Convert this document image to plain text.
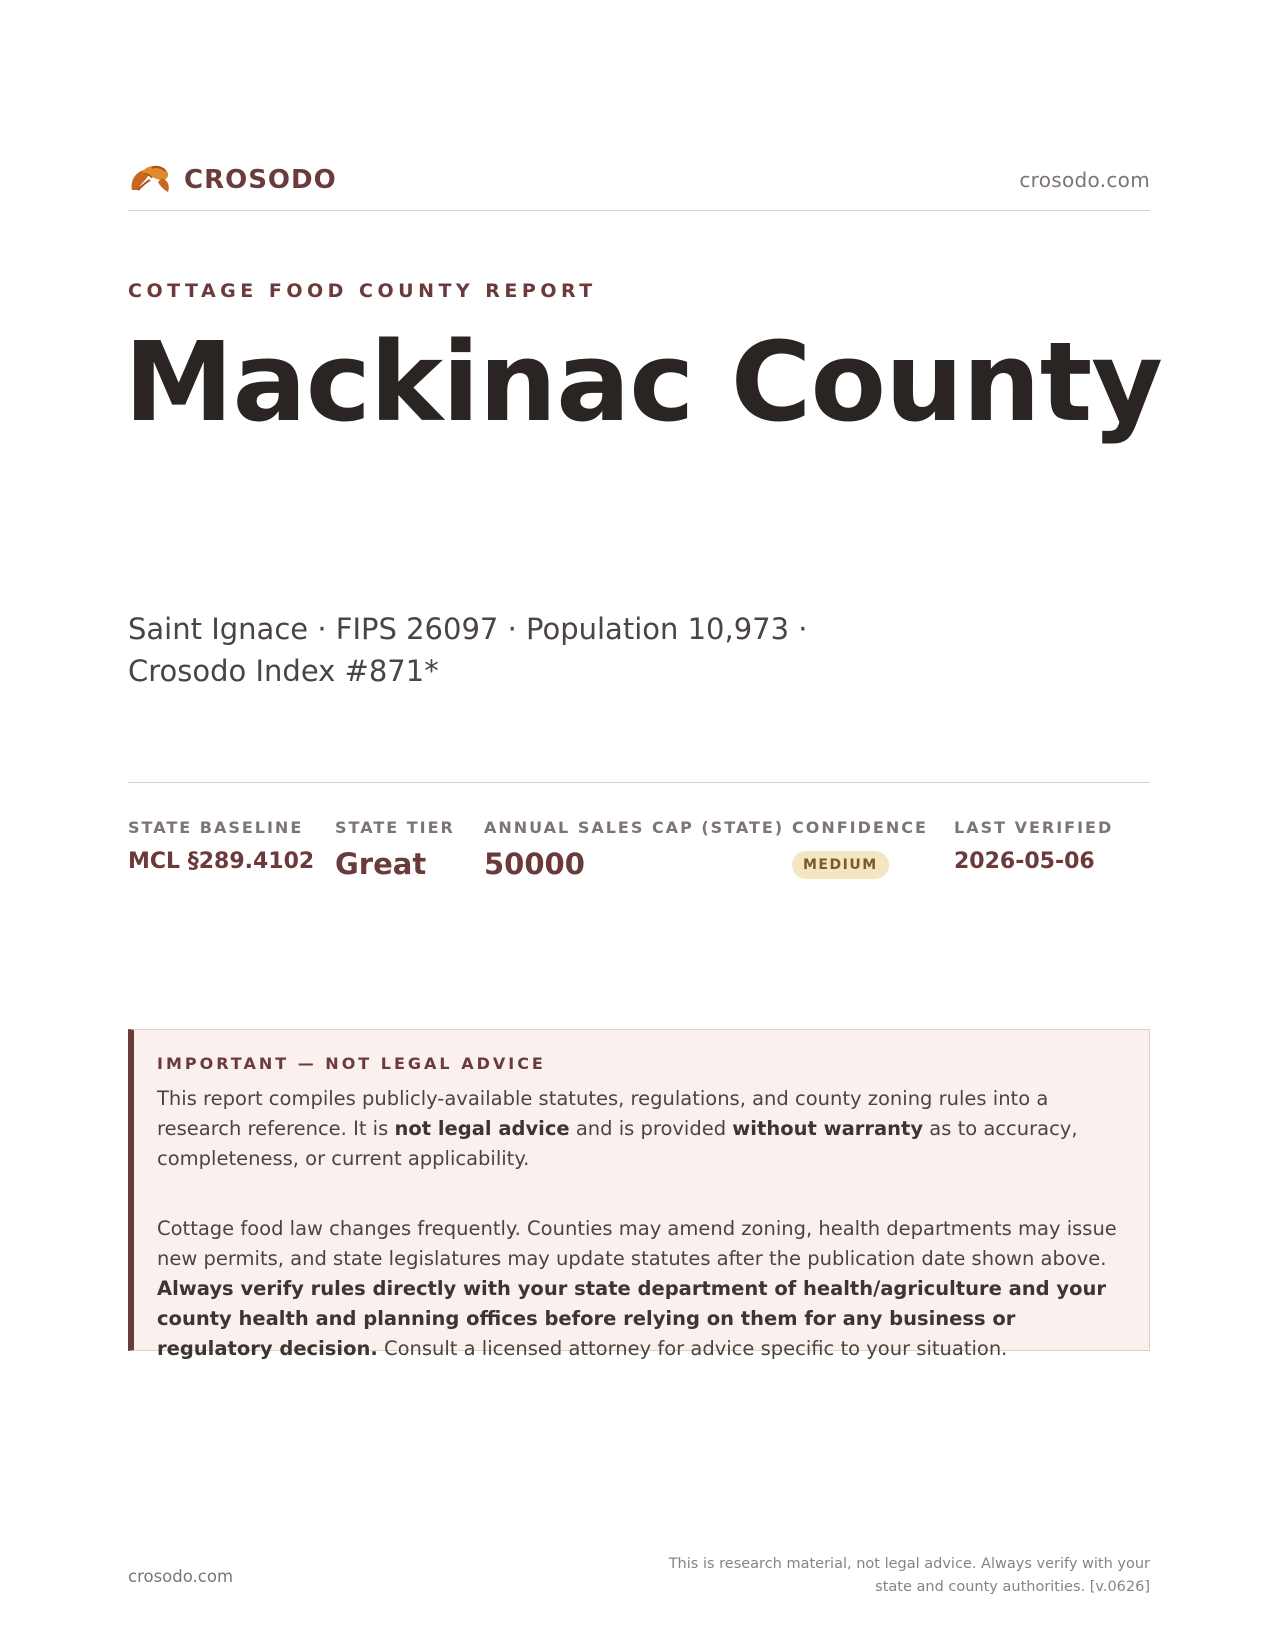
CROSODO	crosodo.com
COTTAGE FOOD COUNTY REPORT
Mackinac County
Saint Ignace · FIPS 26097 · Population 10,973 · Crosodo Index #871*
STATE BASELINE
MCL §289.4102
STATE TIER
Great
ANNUAL SALES CAP (STATE)
50000
CONFIDENCE
MEDIUM
LAST VERIFIED
2026-05-06
IMPORTANT — NOT LEGAL ADVICE

This report compiles publicly-available statutes, regulations, and county zoning rules into a research reference. It is not legal advice and is provided without warranty as to accuracy, completeness, or current applicability.

Cottage food law changes frequently. Counties may amend zoning, health departments may issue new permits, and state legislatures may update statutes after the publication date shown above. Always verify rules directly with your state department of health/agriculture and your county health and planning offices before relying on them for any business or regulatory decision. Consult a licensed attorney for advice specific to your situation.

crosodo.com
This is research material, not legal advice. Always verify with your state and county authorities. [v.0626]
